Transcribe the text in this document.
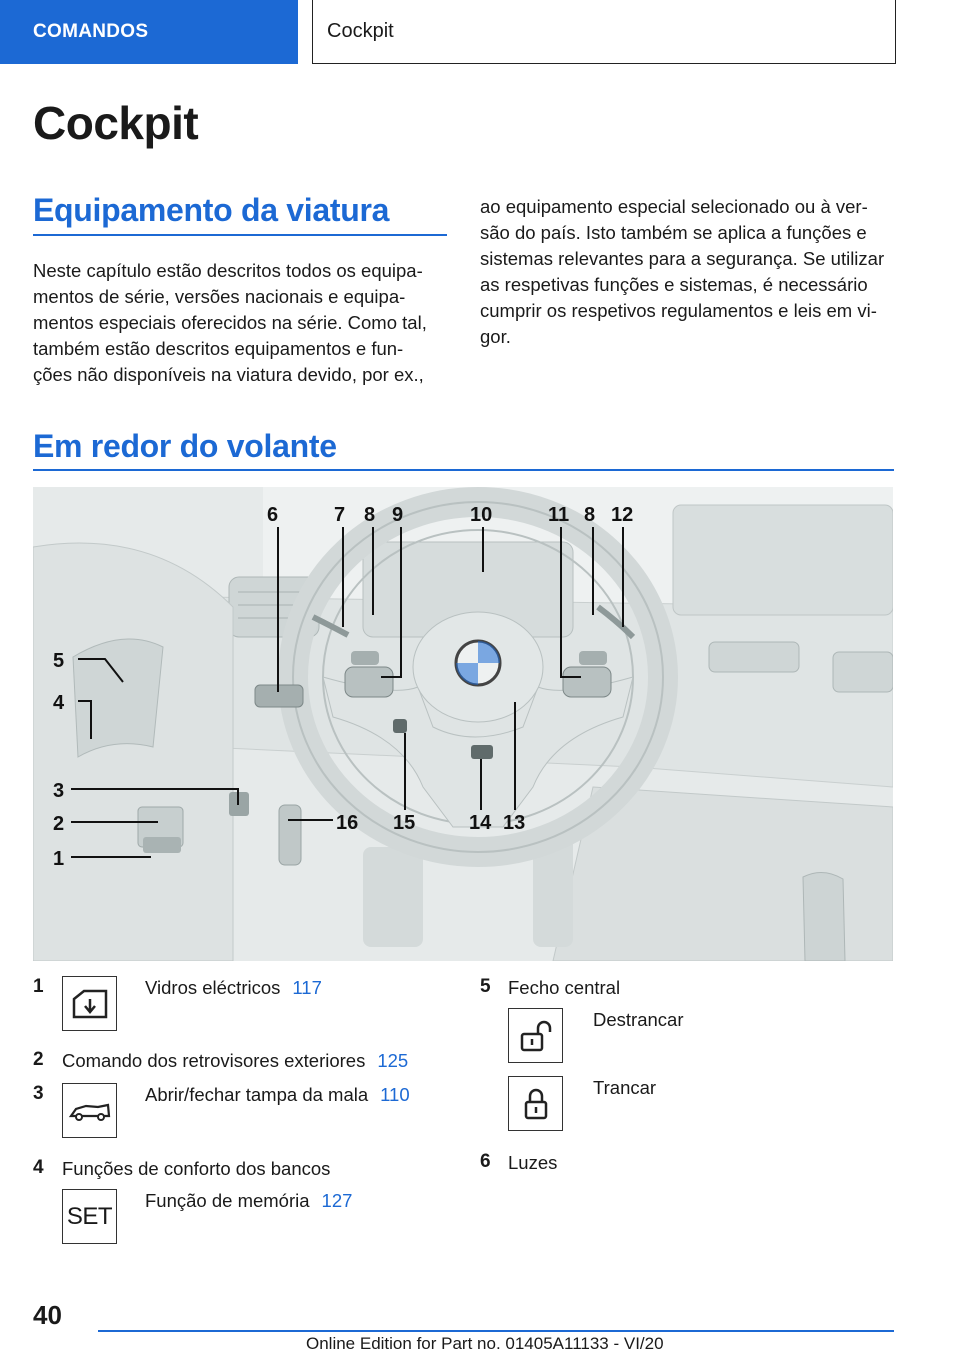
COMANDOS	Cockpit
Cockpit
Equipamento da viatura
Neste capítulo estão descritos todos os equipa-
mentos de série, versões nacionais e equipa-
mentos especiais oferecidos na série. Como tal,
também estão descritos equipamentos e fun-
ções não disponíveis na viatura devido, por ex.,
ao equipamento especial selecionado ou à ver-
são do país. Isto também se aplica a funções e
sistemas relevantes para a segurança. Se utilizar
as respetivas funções e sistemas, é necessário
cumprir os respetivos regulamentos e leis em vi-
gor.
Em redor do volante
6	7 8 9	10	11 8 12
5
4
3
2
1
16 15	14 13
1	Vidros eléctricos 117
2 Comando dos retrovisores exteriores 125
3	Abrir/fechar tampa da mala 110
4 Funções de conforto dos bancos
SET
Função de memória 127
5 Fecho central
Destrancar
Trancar
6 Luzes
40
Online Edition for Part no. 01405A11133 - VI/20
